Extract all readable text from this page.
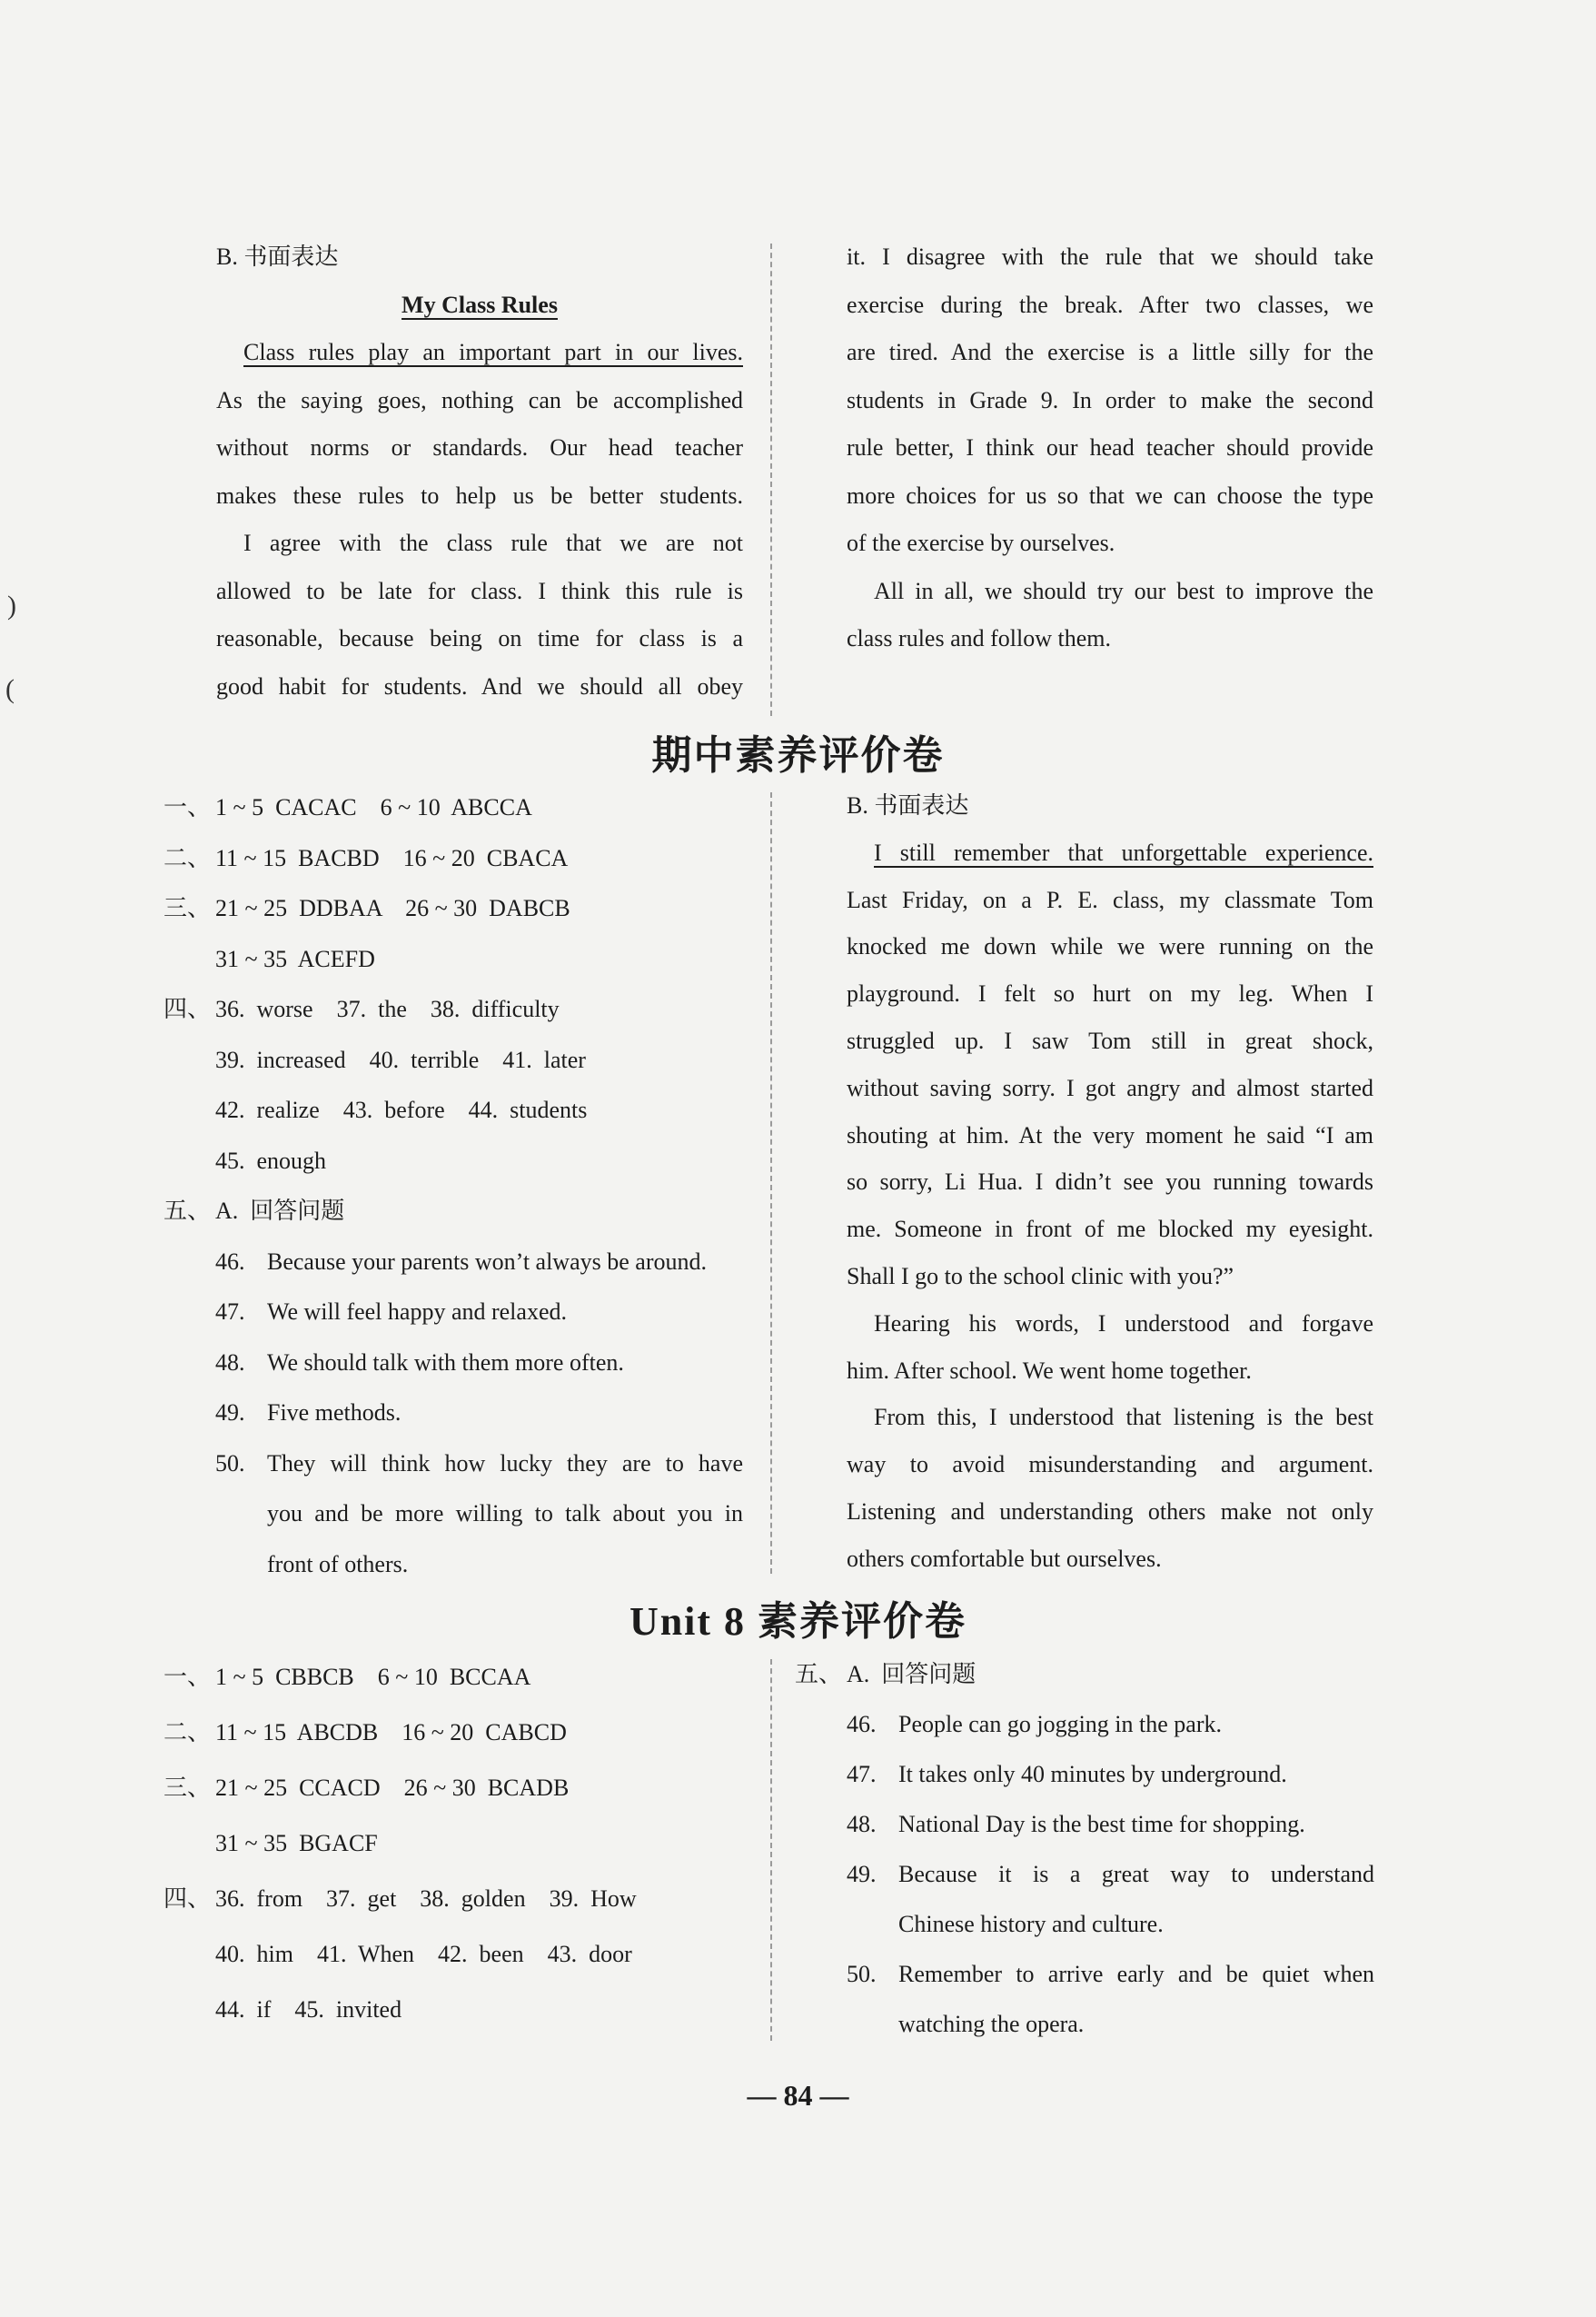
)
(

B. 书面表达

My Class Rules

Class rules play an important part in our lives.

As the saying goes, nothing can be accomplished

without norms or standards. Our head teacher

makes these rules to help us be better students.

I agree with the class rule that we are not

allowed to be late for class. I think this rule is

reasonable, because being on time for class is a

good habit for students. And we should all obey

it. I disagree with the rule that we should take

exercise during the break. After two classes, we

are tired. And the exercise is a little silly for the

students in Grade 9. In order to make the second

rule better, I think our head teacher should provide

more choices for us so that we can choose the type

of the exercise by ourselves.

All in all, we should try our best to improve the

class rules and follow them.

期中素养评价卷

一、 1 ~ 5  CACAC    6 ~ 10  ABCCA

二、 11 ~ 15  BACBD    16 ~ 20  CBACA

三、 21 ~ 25  DDBAA    26 ~ 30  DABCB

31 ~ 35  ACEFD

四、 36.  worse    37.  the    38.  difficulty

39.  increased    40.  terrible    41.  later

42.  realize    43.  before    44.  students

45.  enough

五、 A.  回答问题

46. Because your parents won’t always be around.

47. We will feel happy and relaxed.

48. We should talk with them more often.

49. Five methods.

50. They will think how lucky they are to have

you and be more willing to talk about you in

front of others.

B. 书面表达

I still remember that unforgettable experience.

Last Friday, on a P. E. class, my classmate Tom

knocked me down while we were running on the

playground. I felt so hurt on my leg. When I

struggled up. I saw Tom still in great shock,

without saving sorry. I got angry and almost started

shouting at him. At the very moment he said “I am

so sorry, Li Hua. I didn’t see you running towards

me. Someone in front of me blocked my eyesight.

Shall I go to the school clinic with you?”

Hearing his words, I understood and forgave

him. After school. We went home together.

From this, I understood that listening is the best

way to avoid misunderstanding and argument.

Listening and understanding others make not only

others comfortable but ourselves.

Unit 8 素养评价卷

一、 1 ~ 5  CBBCB    6 ~ 10  BCCAA

二、 11 ~ 15  ABCDB    16 ~ 20  CABCD

三、 21 ~ 25  CCACD    26 ~ 30  BCADB

31 ~ 35  BGACF

四、 36.  from    37.  get    38.  golden    39.  How

40.  him    41.  When    42.  been    43.  door

44.  if    45.  invited

五、 A.  回答问题

46. People can go jogging in the park.

47. It takes only 40 minutes by underground.

48. National Day is the best time for shopping.

49. Because it is a great way to understand

Chinese history and culture.

50. Remember to arrive early and be quiet when

watching the opera.

— 84 —
